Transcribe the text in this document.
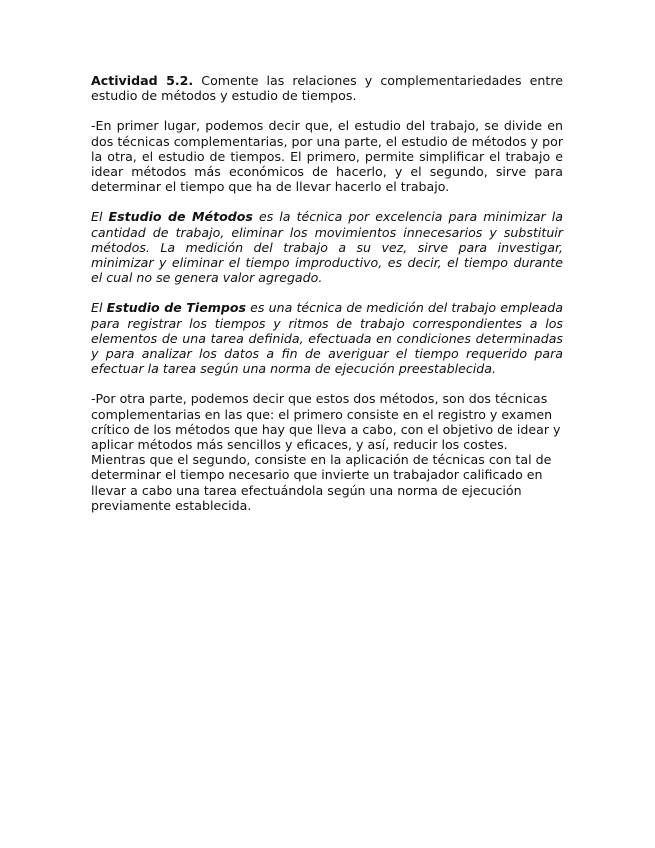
Actividad 5.2. Comente las relaciones y complementariedades entre estudio de métodos y estudio de tiempos.

-En primer lugar, podemos decir que, el estudio del trabajo, se divide en dos técnicas complementarias, por una parte, el estudio de métodos y por la otra, el estudio de tiempos. El primero, permite simplificar el trabajo e idear métodos más económicos de hacerlo, y el segundo, sirve para determinar el tiempo que ha de llevar hacerlo el trabajo.

El Estudio de Métodos es la técnica por excelencia para minimizar la cantidad de trabajo, eliminar los movimientos innecesarios y substituir métodos. La medición del trabajo a su vez, sirve para investigar, minimizar y eliminar el tiempo improductivo, es decir, el tiempo durante el cual no se genera valor agregado.

El Estudio de Tiempos es una técnica de medición del trabajo empleada para registrar los tiempos y ritmos de trabajo correspondientes a los elementos de una tarea definida, efectuada en condiciones determinadas y para analizar los datos a fin de averiguar el tiempo requerido para efectuar la tarea según una norma de ejecución preestablecida.

-Por otra parte, podemos decir que estos dos métodos, son dos técnicas complementarias en las que: el primero consiste en el registro y examen crítico de los métodos que hay que lleva a cabo, con el objetivo de idear y aplicar métodos más sencillos y eficaces, y así, reducir los costes. Mientras que el segundo, consiste en la aplicación de técnicas con tal de determinar el tiempo necesario que invierte un trabajador calificado en llevar a cabo una tarea efectuándola según una norma de ejecución previamente establecida.
